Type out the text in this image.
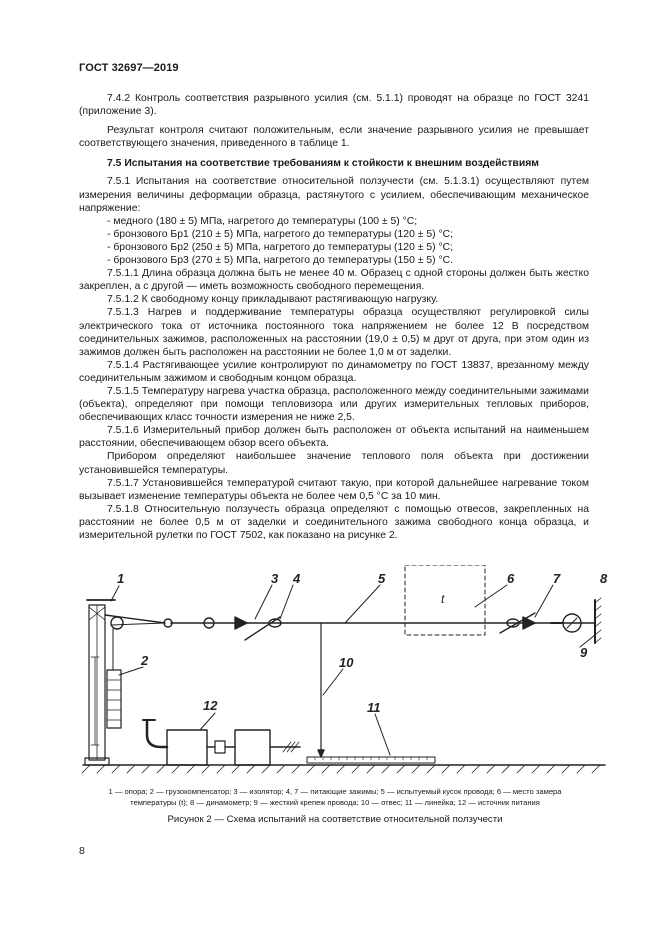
ГОСТ 32697—2019

7.4.2 Контроль соответствия разрывного усилия (см. 5.1.1) проводят на образце по ГОСТ 3241 (приложение 3).

Результат контроля считают положительным, если значение разрывного усилия не превышает соответствующего значения, приведенного в таблице 1.

7.5 Испытания на соответствие требованиям к стойкости к внешним воздействиям

7.5.1 Испытания на соответствие относительной ползучести (см. 5.1.3.1) осуществляют путем измерения величины деформации образца, растянутого с усилием, обеспечивающим механическое напряжение:

- медного (180 ± 5) МПа, нагретого до температуры (100 ± 5) °С;

- бронзового Бр1 (210 ± 5) МПа, нагретого до температуры (120 ± 5) °С;

- бронзового Бр2 (250 ± 5) МПа, нагретого до температуры (120 ± 5) °С;

- бронзового Бр3 (270 ± 5) МПа, нагретого до температуры (150 ± 5) °С.

7.5.1.1 Длина образца должна быть не менее 40 м. Образец с одной стороны должен быть жестко закреплен, а с другой — иметь возможность свободного перемещения.

7.5.1.2 К свободному концу прикладывают растягивающую нагрузку.

7.5.1.3 Нагрев и поддерживание температуры образца осуществляют регулировкой силы электрического тока от источника постоянного тока напряжением не более 12 В посредством соединительных зажимов, расположенных на расстоянии (19,0 ± 0,5) м друг от друга, при этом один из зажимов должен быть расположен на расстоянии не более 1,0 м от заделки.

7.5.1.4 Растягивающее усилие контролируют по динамометру по ГОСТ 13837, врезанному между соединительным зажимом и свободным концом образца.

7.5.1.5 Температуру нагрева участка образца, расположенного между соединительными зажимами (объекта), определяют при помощи тепловизора или других измерительных тепловых приборов, обеспечивающих класс точности измерения не ниже 2,5.

7.5.1.6 Измерительный прибор должен быть расположен от объекта испытаний на наименьшем расстоянии, обеспечивающем обзор всего объекта.

Прибором определяют наибольшее значение теплового поля объекта при достижении установившейся температуры.

7.5.1.7 Установившейся температурой считают такую, при которой дальнейшее нагревание током вызывает изменение температуры объекта не более чем 0,5 °С за 10 мин.

7.5.1.8 Относительную ползучесть образца определяют с помощью отвесов, закрепленных на расстоянии не более 0,5 м от заделки и соединительного зажима свободного конца образца, и измерительной рулетки по ГОСТ 7502, как показано на рисунке 2.

1
2
3 4	5	6	7	8
9
10
11
12
t
1 — опора; 2 — грузокомпенсатор; 3 — изолятор; 4, 7 — питающие зажимы; 5 — испытуемый кусок провода; 6 — место замера
температуры (t); 8 — динамометр; 9 — жесткий крепеж провода; 10 — отвес; 11 — линейка; 12 — источник питания
Рисунок 2 — Схема испытаний на соответствие относительной ползучести
8
